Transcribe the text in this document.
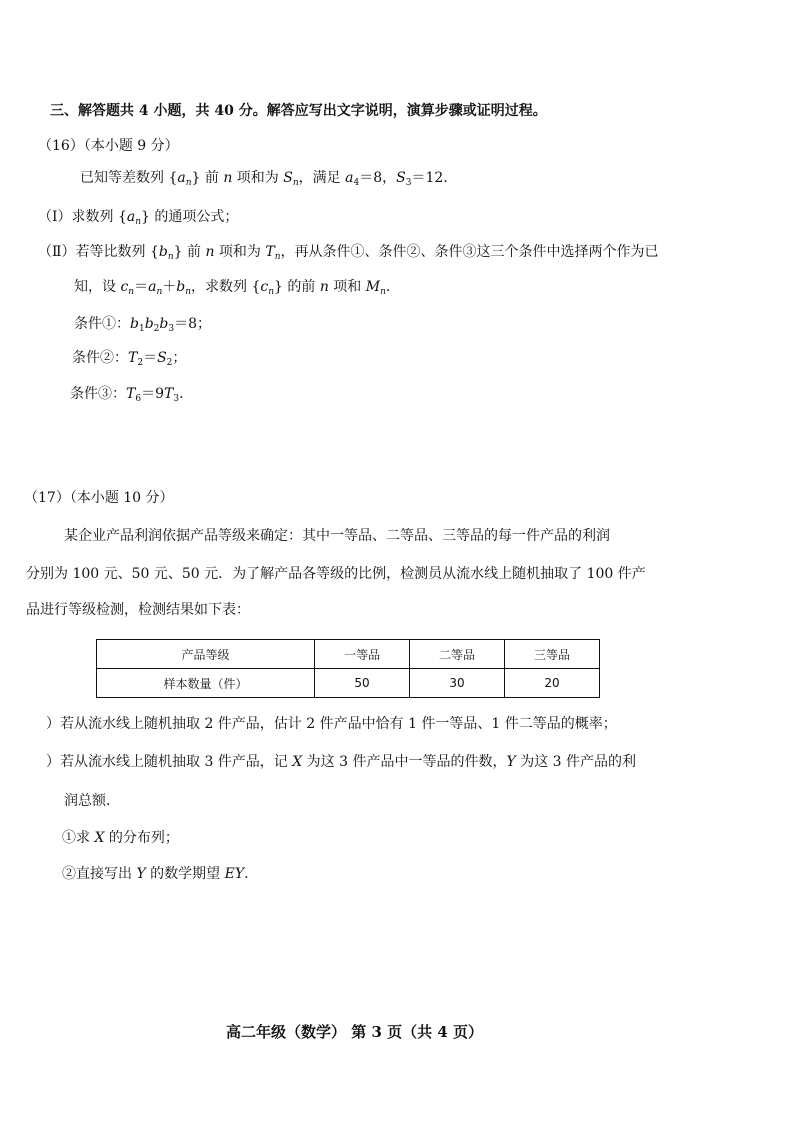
三、解答题共 4 小题，共 40 分。解答应写出文字说明，演算步骤或证明过程。
（16）（本小题 9 分）
已知等差数列 $\{a_n\}$ 前 n 项和为 $S_n$，满足 $a_4=8$，$S_3=12$.
（Ⅰ）求数列 $\{a_n\}$ 的通项公式；
（Ⅱ）若等比数列 $\{b_n\}$ 前 n 项和为 $T_n$，再从条件①、条件②、条件③这三个条件中选择两个作为已
知，设 $c_n=a_n+b_n$，求数列 $\{c_n\}$ 的前 n 项和 $M_n$.
条件①：$b_1b_2b_3=8$；
条件②：$T_2=S_2$；
条件③：$T_6=9T_3$.
（17）（本小题 10 分）
某企业产品利润依据产品等级来确定：其中一等品、二等品、三等品的每一件产品的利润
分别为 100 元、50 元、50 元．为了解产品各等级的比例，检测员从流水线上随机抽取了 100 件产
品进行等级检测，检测结果如下表：
产品等级	一等品	二等品	三等品
样本数量（件）	50	30	20
）若从流水线上随机抽取 2 件产品，估计 2 件产品中恰有 1 件一等品、1 件二等品的概率；
）若从流水线上随机抽取 3 件产品，记 X 为这 3 件产品中一等品的件数，Y 为这 3 件产品的利
润总额．
①求 X 的分布列；
②直接写出 Y 的数学期望 EY.
高二年级（数学） 第 3 页（共 4 页）
